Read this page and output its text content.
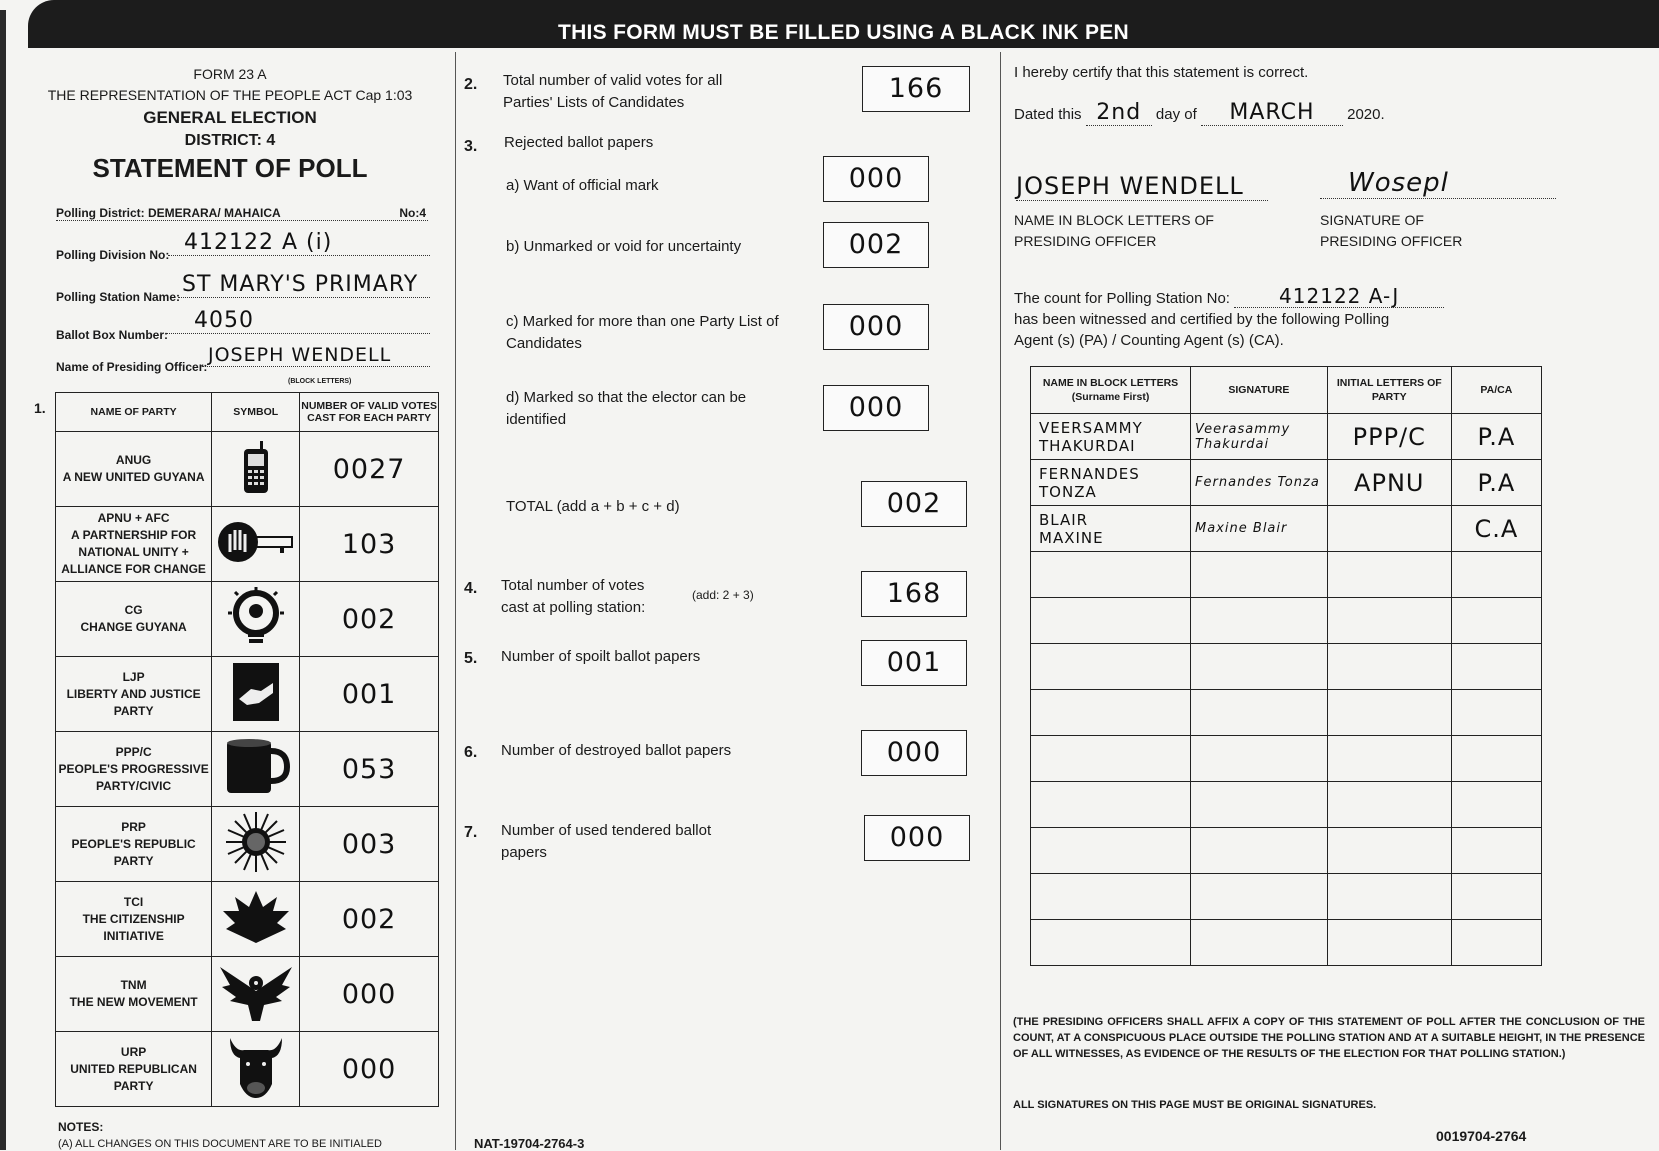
THIS FORM MUST BE FILLED USING A BLACK INK PEN
FORM 23 A
THE REPRESENTATION OF THE PEOPLE ACT Cap 1:03
GENERAL ELECTION
DISTRICT: 4
STATEMENT OF POLL
Polling District: DEMERARA/ MAHAICA	No:4
Polling Division No: 412122 A (i)
Polling Station Name: ST MARY'S PRIMARY
Ballot Box Number:
4050
Name of Presiding Officer:
JOSEPH WENDELL
(BLOCK LETTERS)
1.	NAME OF PARTY	SYMBOL	NUMBER OF VALID VOTES CAST FOR EACH PARTY

ANUG
A NEW UNITED GUYANA		0027

APNU + AFC
A PARTNERSHIP FOR NATIONAL UNITY + ALLIANCE FOR CHANGE		103

CG
CHANGE GUYANA		002

LJP
LIBERTY AND JUSTICE PARTY		001

PPP/C
PEOPLE'S PROGRESSIVE PARTY/CIVIC		053

PRP
PEOPLE'S REPUBLIC PARTY		003

TCI
THE CITIZENSHIP INITIATIVE		002

TNM
THE NEW MOVEMENT		000

URP
UNITED REPUBLICAN PARTY		000
NOTES:
(A) ALL CHANGES ON THIS DOCUMENT ARE TO BE INITIALED
2. Total number of valid votes for all Parties' Lists of Candidates	166
3. Rejected ballot papers
a) Want of official mark	000
b) Unmarked or void for uncertainty	002
c) Marked for more than one Party List of Candidates
000
d) Marked so that the elector can be identified	000
TOTAL (add a + b + c + d)	002
4. Total number of votes cast at polling station:
(add: 2 + 3)	168
5. Number of spoilt ballot papers	001
6. Number of destroyed ballot papers	000
7. Number of used tendered ballot papers	000
NAT-19704-2764-3
I hereby certify that this statement is correct.
Dated this 2nd day of MARCH 2020.
JOSEPH WENDELL	Wosepl
NAME IN BLOCK LETTERS OF
PRESIDING OFFICER
SIGNATURE OF
PRESIDING OFFICER
The count for Polling Station No: 412122 A-J
has been witnessed and certified by the following Polling
Agent (s) (PA) / Counting Agent (s) (CA).
NAME IN BLOCK LETTERS (Surname First)	SIGNATURE	INITIAL LETTERS OF PARTY	PA/CA

VEERSAMMY
THAKURDAI	Veerasammy Thakurdai	PPP/C	P.A

FERNANDES
TONZA	Fernandes Tonza	APNU	P.A

BLAIR
MAXINE	Maxine Blair		C.A

(THE PRESIDING OFFICERS SHALL AFFIX A COPY OF THIS STATEMENT OF POLL AFTER THE CONCLUSION OF THE COUNT, AT A CONSPICUOUS PLACE OUTSIDE THE POLLING STATION AND AT A SUITABLE HEIGHT, IN THE PRESENCE OF ALL WITNESSES, AS EVIDENCE OF THE RESULTS OF THE ELECTION FOR THAT POLLING STATION.)
ALL SIGNATURES ON THIS PAGE MUST BE ORIGINAL SIGNATURES.
0019704-2764
